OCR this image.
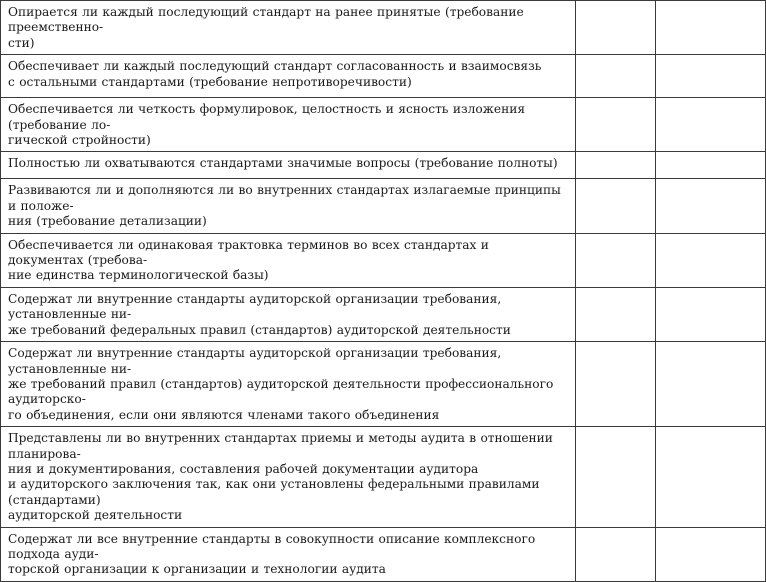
Опирается ли каждый последующий стандарт на ранее принятые (требование преемственно-
сти)		
Обеспечивает ли каждый последующий стандарт согласованность и взаимосвязь
с остальными стандартами (требование непротиворечивости)		
Обеспечивается ли четкость формулировок, целостность и ясность изложения (требование ло-
гической стройности)		
Полностью ли охватываются стандартами значимые вопросы (требование полноты)		
Развиваются ли и дополняются ли во внутренних стандартах излагаемые принципы и положе-
ния (требование детализации)		
Обеспечивается ли одинаковая трактовка терминов во всех стандартах и документах (требова-
ние единства терминологической базы)		
Содержат ли внутренние стандарты аудиторской организации требования, установленные ни-
же требований федеральных правил (стандартов) аудиторской деятельности		
Содержат ли внутренние стандарты аудиторской организации требования, установленные ни-
же требований правил (стандартов) аудиторской деятельности профессионального аудиторско-
го объединения, если они являются членами такого объединения		
Представлены ли во внутренних стандартах приемы и методы аудита в отношении планирова-
ния и документирования, составления рабочей документации аудитора
и аудиторского заключения так, как они установлены федеральными правилами (стандартами)
аудиторской деятельности		
Содержат ли все внутренние стандарты в совокупности описание комплексного подхода ауди-
торской организации к организации и технологии аудита		
